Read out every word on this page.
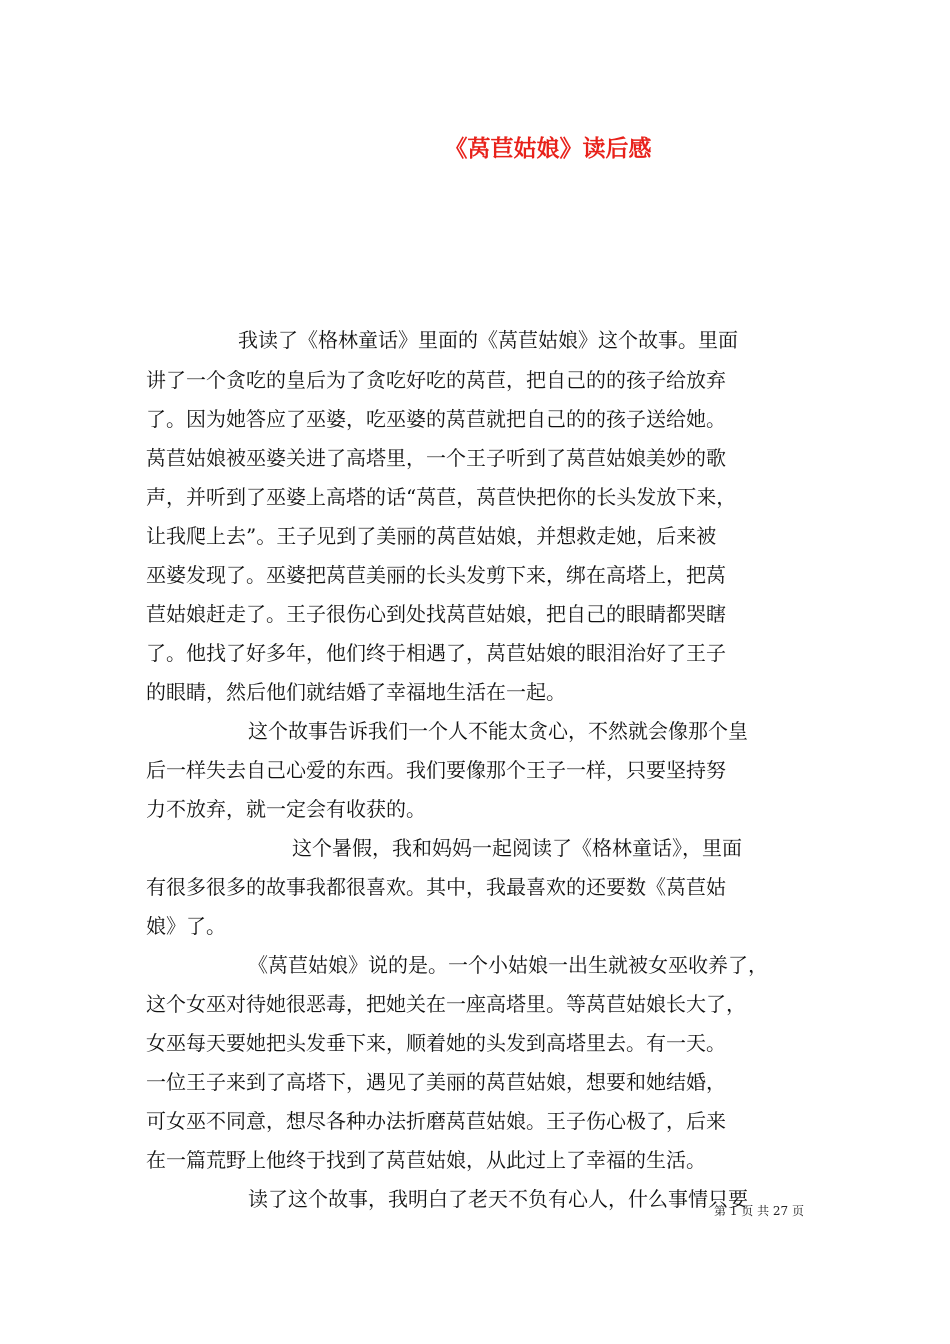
《莴苣姑娘》读后感
我读了《格林童话》里面的《莴苣姑娘》这个故事。里面
讲了一个贪吃的皇后为了贪吃好吃的莴苣，把自己的的孩子给放弃
了。因为她答应了巫婆，吃巫婆的莴苣就把自己的的孩子送给她。
莴苣姑娘被巫婆关进了高塔里，一个王子听到了莴苣姑娘美妙的歌
声，并听到了巫婆上高塔的话“莴苣，莴苣快把你的长头发放下来，
让我爬上去”。王子见到了美丽的莴苣姑娘，并想救走她，后来被
巫婆发现了。巫婆把莴苣美丽的长头发剪下来，绑在高塔上，把莴
苣姑娘赶走了。王子很伤心到处找莴苣姑娘，把自己的眼睛都哭瞎
了。他找了好多年，他们终于相遇了，莴苣姑娘的眼泪治好了王子
的眼睛，然后他们就结婚了幸福地生活在一起。
这个故事告诉我们一个人不能太贪心，不然就会像那个皇
后一样失去自己心爱的东西。我们要像那个王子一样，只要坚持努
力不放弃，就一定会有收获的。
这个暑假，我和妈妈一起阅读了《格林童话》，里面
有很多很多的故事我都很喜欢。其中，我最喜欢的还要数《莴苣姑
娘》了。
《莴苣姑娘》说的是。一个小姑娘一出生就被女巫收养了，
这个女巫对待她很恶毒，把她关在一座高塔里。等莴苣姑娘长大了，
女巫每天要她把头发垂下来，顺着她的头发到高塔里去。有一天。
一位王子来到了高塔下，遇见了美丽的莴苣姑娘，想要和她结婚，
可女巫不同意，想尽各种办法折磨莴苣姑娘。王子伤心极了，后来
在一篇荒野上他终于找到了莴苣姑娘，从此过上了幸福的生活。
读了这个故事，我明白了老天不负有心人，什么事情只要
第 1 页 共 27 页
